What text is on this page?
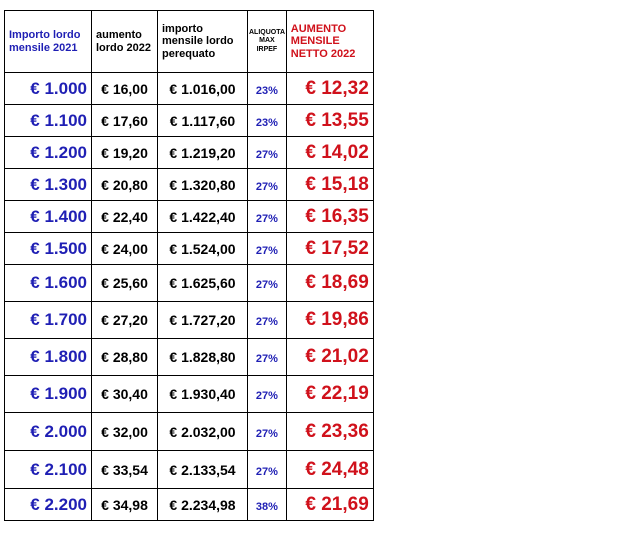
Importo lordo mensile 2021	aumento lordo 2022	importo mensile lordo perequato	ALIQUOTA MAX IRPEF	AUMENTO MENSILE NETTO 2022
€ 1.000	€ 16,00	€ 1.016,00	23%	€ 12,32
€ 1.100	€ 17,60	€ 1.117,60	23%	€ 13,55
€ 1.200	€ 19,20	€ 1.219,20	27%	€ 14,02
€ 1.300	€ 20,80	€ 1.320,80	27%	€ 15,18
€ 1.400	€ 22,40	€ 1.422,40	27%	€ 16,35
€ 1.500	€ 24,00	€ 1.524,00	27%	€ 17,52
€ 1.600	€ 25,60	€ 1.625,60	27%	€ 18,69
€ 1.700	€ 27,20	€ 1.727,20	27%	€ 19,86
€ 1.800	€ 28,80	€ 1.828,80	27%	€ 21,02
€ 1.900	€ 30,40	€ 1.930,40	27%	€ 22,19
€ 2.000	€ 32,00	€ 2.032,00	27%	€ 23,36
€ 2.100	€ 33,54	€ 2.133,54	27%	€ 24,48
€ 2.200	€ 34,98	€ 2.234,98	38%	€ 21,69
